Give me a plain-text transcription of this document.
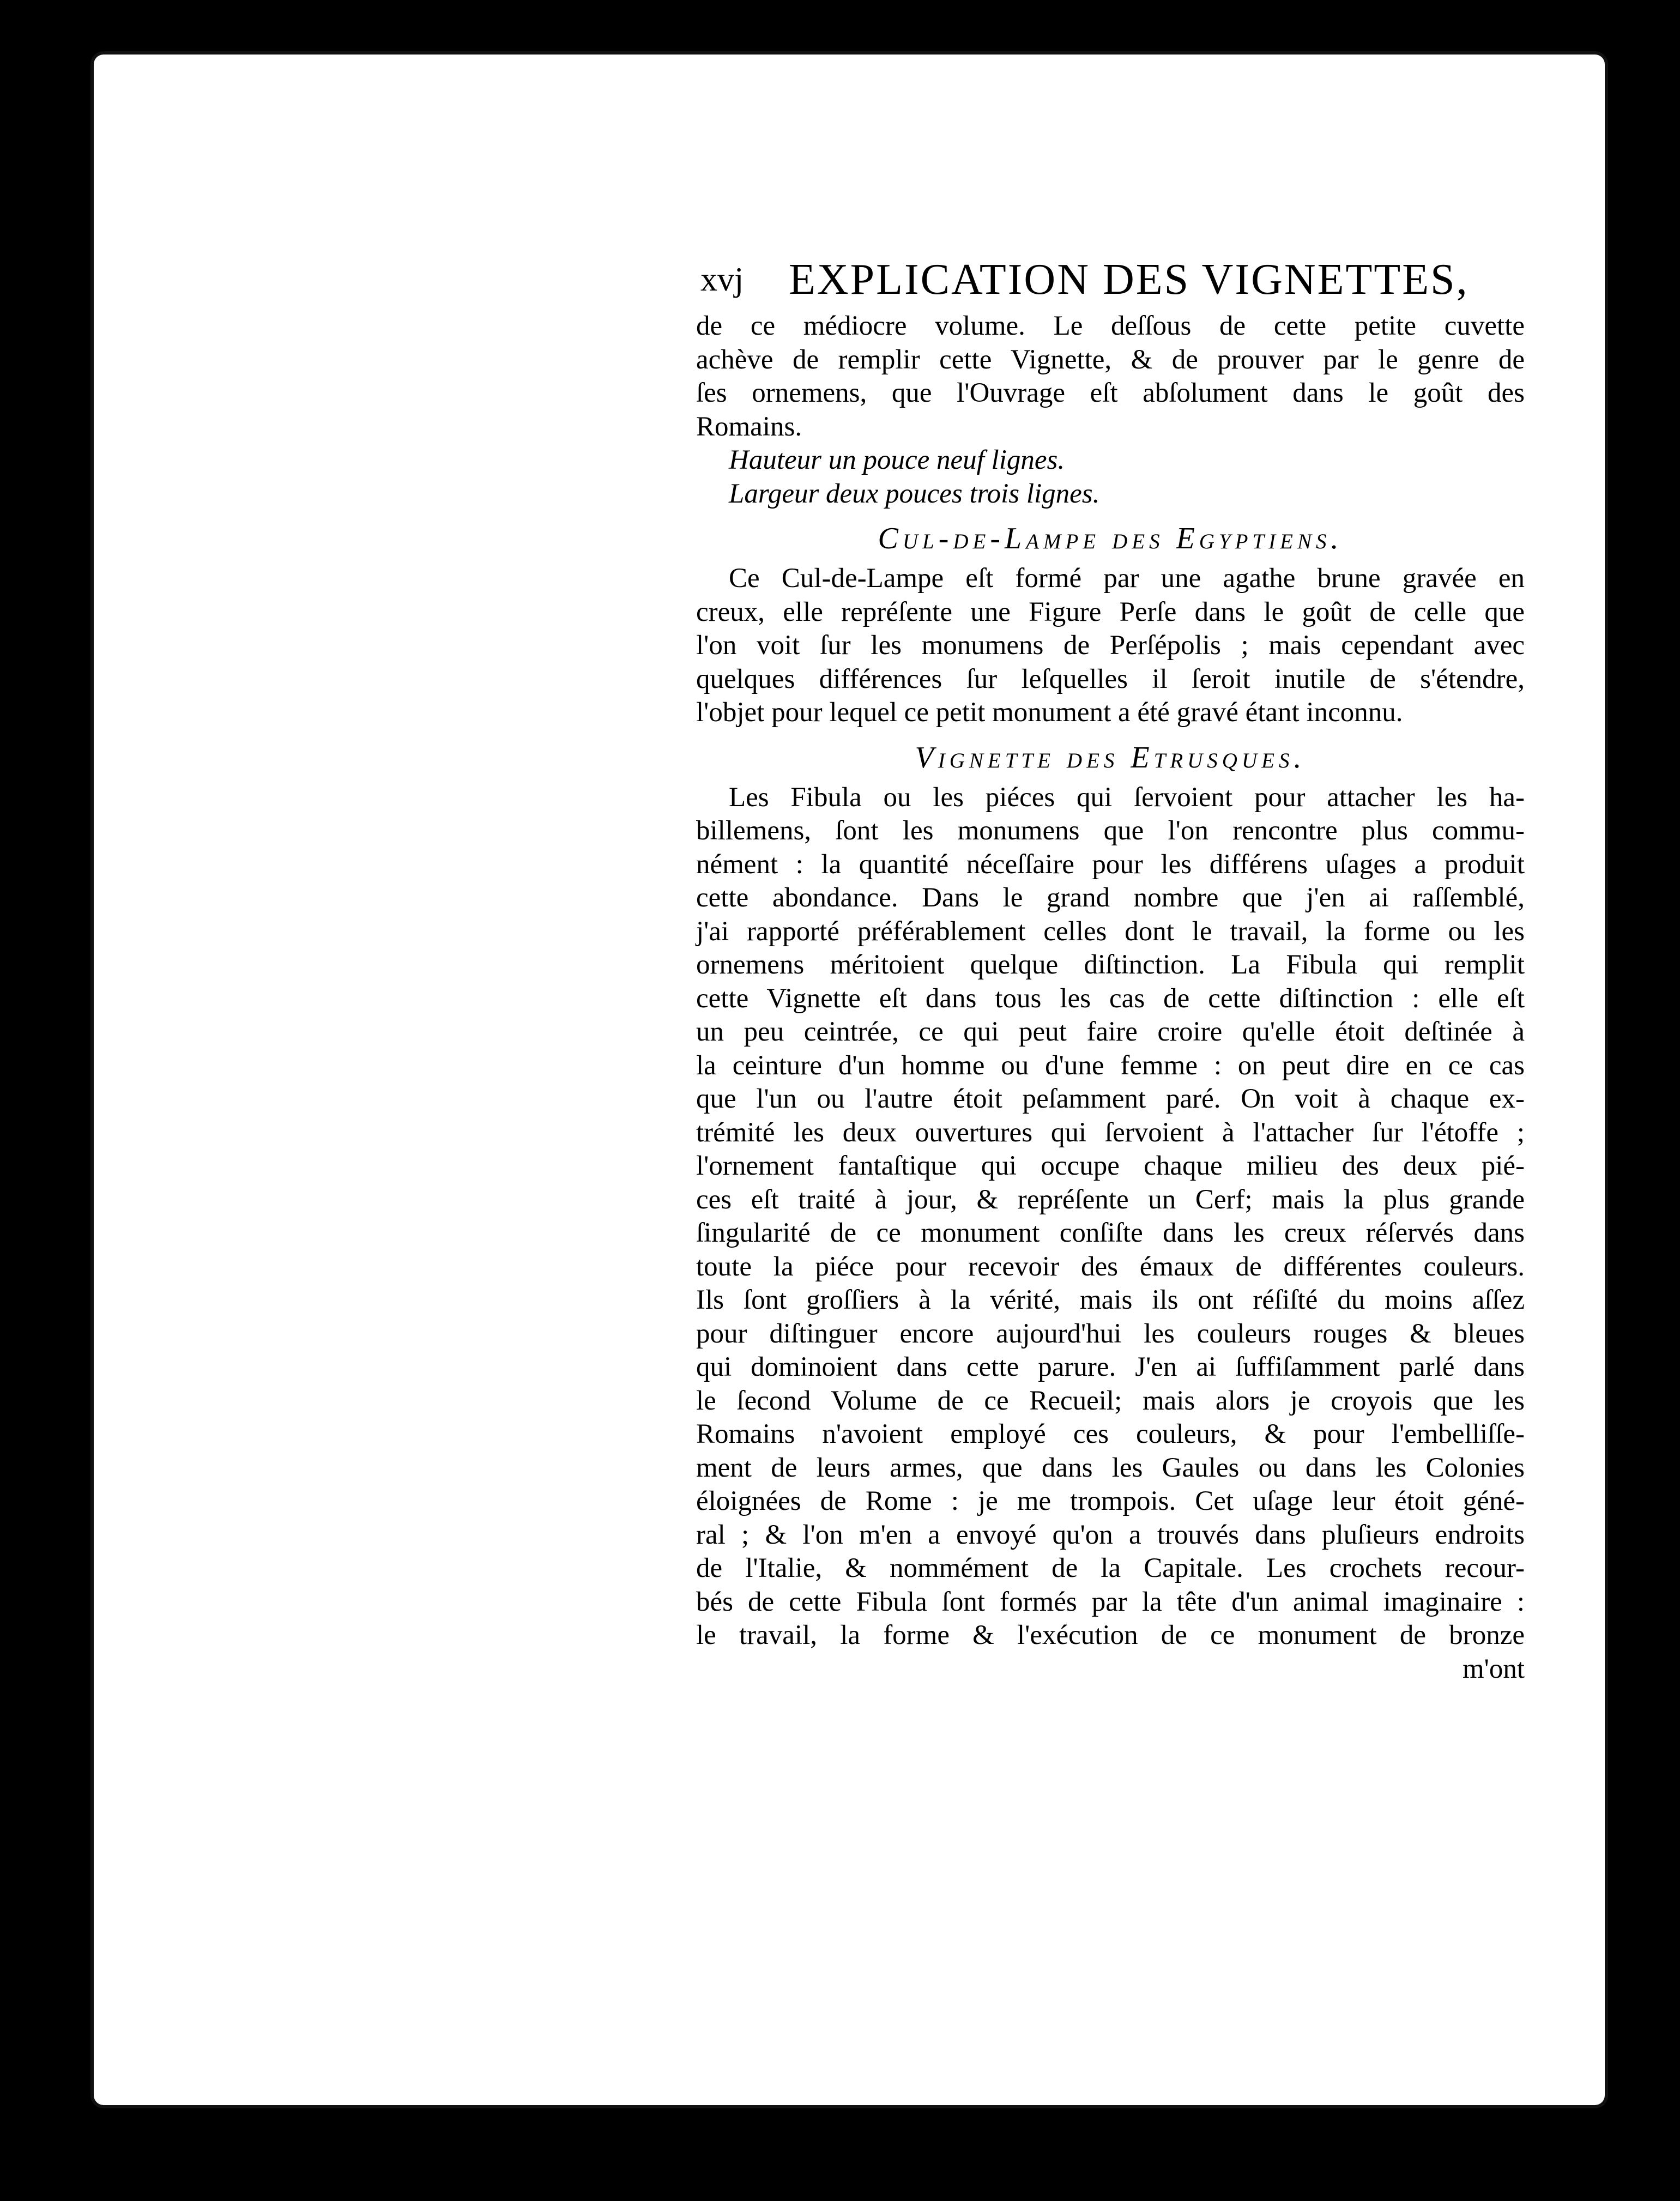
xvj EXPLICATION DES VIGNETTES,
de ce médiocre volume. Le deſſous de cette petite cuvette
achève de remplir cette Vignette, & de prouver par le genre de
ſes ornemens, que l'Ouvrage eſt abſolument dans le goût des
Romains.
Hauteur un pouce neuf lignes.
Largeur deux pouces trois lignes.
Cul-de-Lampe des Egyptiens.
Ce Cul-de-Lampe eſt formé par une agathe brune gravée en
creux, elle repréſente une Figure Perſe dans le goût de celle que
l'on voit ſur les monumens de Perſépolis ; mais cependant avec
quelques différences ſur leſquelles il ſeroit inutile de s'étendre,
l'objet pour lequel ce petit monument a été gravé étant inconnu.
Vignette des Etrusques.
Les Fibula ou les piéces qui ſervoient pour attacher les ha-
billemens, ſont les monumens que l'on rencontre plus commu-
nément : la quantité néceſſaire pour les différens uſages a produit
cette abondance. Dans le grand nombre que j'en ai raſſemblé,
j'ai rapporté préférablement celles dont le travail, la forme ou les
ornemens méritoient quelque diſtinction. La Fibula qui remplit
cette Vignette eſt dans tous les cas de cette diſtinction : elle eſt
un peu ceintrée, ce qui peut faire croire qu'elle étoit deſtinée à
la ceinture d'un homme ou d'une femme : on peut dire en ce cas
que l'un ou l'autre étoit peſamment paré. On voit à chaque ex-
trémité les deux ouvertures qui ſervoient à l'attacher ſur l'étoffe ;
l'ornement fantaſtique qui occupe chaque milieu des deux pié-
ces eſt traité à jour, & repréſente un Cerf; mais la plus grande
ſingularité de ce monument conſiſte dans les creux réſervés dans
toute la piéce pour recevoir des émaux de différentes couleurs.
Ils ſont groſſiers à la vérité, mais ils ont réſiſté du moins aſſez
pour diſtinguer encore aujourd'hui les couleurs rouges & bleues
qui dominoient dans cette parure. J'en ai ſuffiſamment parlé dans
le ſecond Volume de ce Recueil; mais alors je croyois que les
Romains n'avoient employé ces couleurs, & pour l'embelliſſe-
ment de leurs armes, que dans les Gaules ou dans les Colonies
éloignées de Rome : je me trompois. Cet uſage leur étoit géné-
ral ; & l'on m'en a envoyé qu'on a trouvés dans pluſieurs endroits
de l'Italie, & nommément de la Capitale. Les crochets recour-
bés de cette Fibula ſont formés par la tête d'un animal imaginaire :
le travail, la forme & l'exécution de ce monument de bronze
m'ont
